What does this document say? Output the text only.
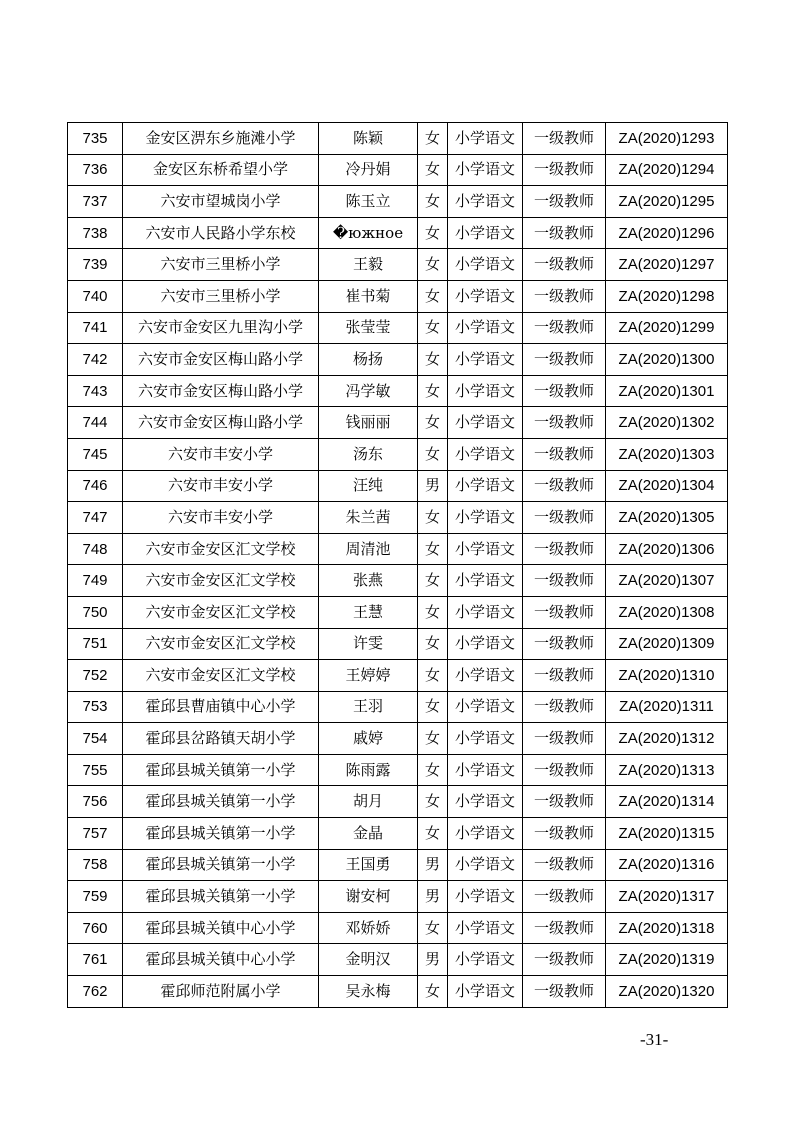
735	金安区淠东乡施滩小学	陈颖	女	小学语文	一级教师	ZA(2020)1293
736	金安区东桥希望小学	冷丹娟	女	小学语文	一级教师	ZA(2020)1294
737	六安市望城岗小学	陈玉立	女	小学语文	一级教师	ZA(2020)1295
738	六安市人民路小学东校	�южное	女	小学语文	一级教师	ZA(2020)1296
739	六安市三里桥小学	王毅	女	小学语文	一级教师	ZA(2020)1297
740	六安市三里桥小学	崔书菊	女	小学语文	一级教师	ZA(2020)1298
741	六安市金安区九里沟小学	张莹莹	女	小学语文	一级教师	ZA(2020)1299
742	六安市金安区梅山路小学	杨扬	女	小学语文	一级教师	ZA(2020)1300
743	六安市金安区梅山路小学	冯学敏	女	小学语文	一级教师	ZA(2020)1301
744	六安市金安区梅山路小学	钱丽丽	女	小学语文	一级教师	ZA(2020)1302
745	六安市丰安小学	汤东	女	小学语文	一级教师	ZA(2020)1303
746	六安市丰安小学	汪纯	男	小学语文	一级教师	ZA(2020)1304
747	六安市丰安小学	朱兰茜	女	小学语文	一级教师	ZA(2020)1305
748	六安市金安区汇文学校	周清池	女	小学语文	一级教师	ZA(2020)1306
749	六安市金安区汇文学校	张燕	女	小学语文	一级教师	ZA(2020)1307
750	六安市金安区汇文学校	王慧	女	小学语文	一级教师	ZA(2020)1308
751	六安市金安区汇文学校	许雯	女	小学语文	一级教师	ZA(2020)1309
752	六安市金安区汇文学校	王婷婷	女	小学语文	一级教师	ZA(2020)1310
753	霍邱县曹庙镇中心小学	王羽	女	小学语文	一级教师	ZA(2020)1311
754	霍邱县岔路镇天胡小学	戚婷	女	小学语文	一级教师	ZA(2020)1312
755	霍邱县城关镇第一小学	陈雨露	女	小学语文	一级教师	ZA(2020)1313
756	霍邱县城关镇第一小学	胡月	女	小学语文	一级教师	ZA(2020)1314
757	霍邱县城关镇第一小学	金晶	女	小学语文	一级教师	ZA(2020)1315
758	霍邱县城关镇第一小学	王国勇	男	小学语文	一级教师	ZA(2020)1316
759	霍邱县城关镇第一小学	谢安柯	男	小学语文	一级教师	ZA(2020)1317
760	霍邱县城关镇中心小学	邓娇娇	女	小学语文	一级教师	ZA(2020)1318
761	霍邱县城关镇中心小学	金明汉	男	小学语文	一级教师	ZA(2020)1319
762	霍邱师范附属小学	吴永梅	女	小学语文	一级教师	ZA(2020)1320
-31-
